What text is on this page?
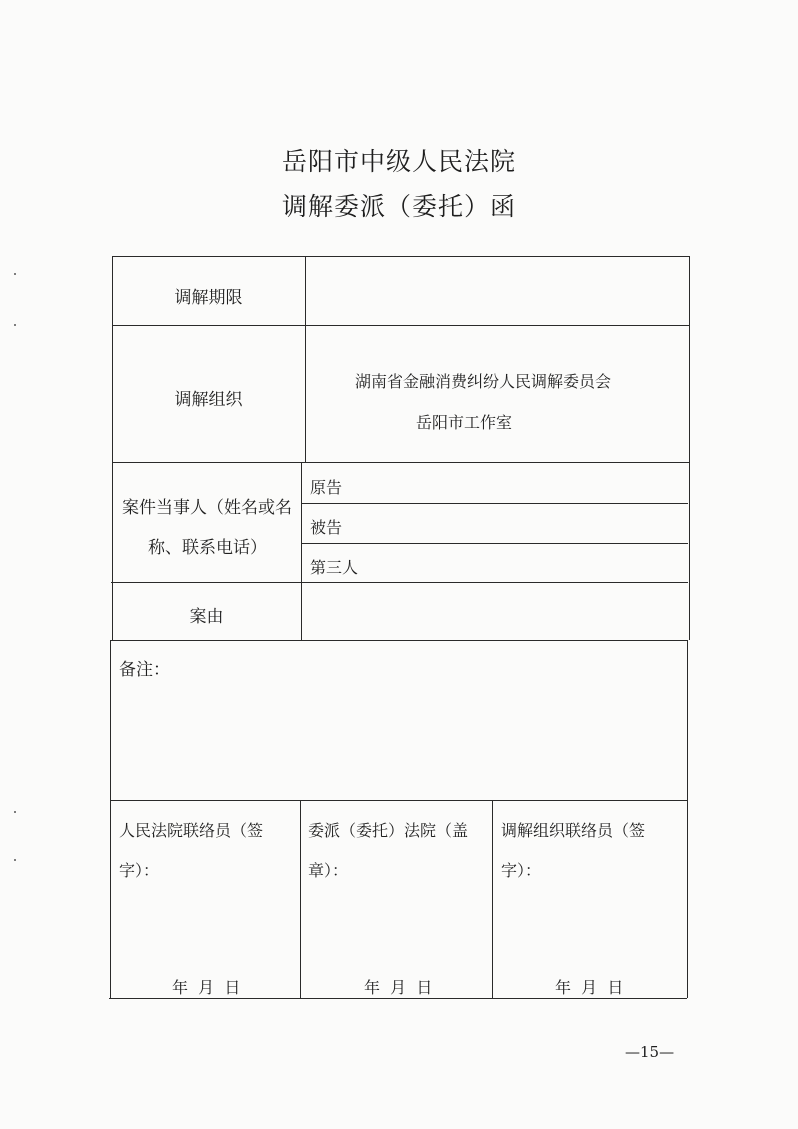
岳阳市中级人民法院
调解委派（委托）函
调解期限
调解组织
湖南省金融消费纠纷人民调解委员会
岳阳市工作室
案件当事人（姓名或名
称、联系电话）
原告
被告
第三人
案由
备注：
人民法院联络员（签
字）：
年  月  日
委派（委托）法院（盖
章）：
年  月  日
调解组织联络员（签
字）：
年  月  日
—15—
